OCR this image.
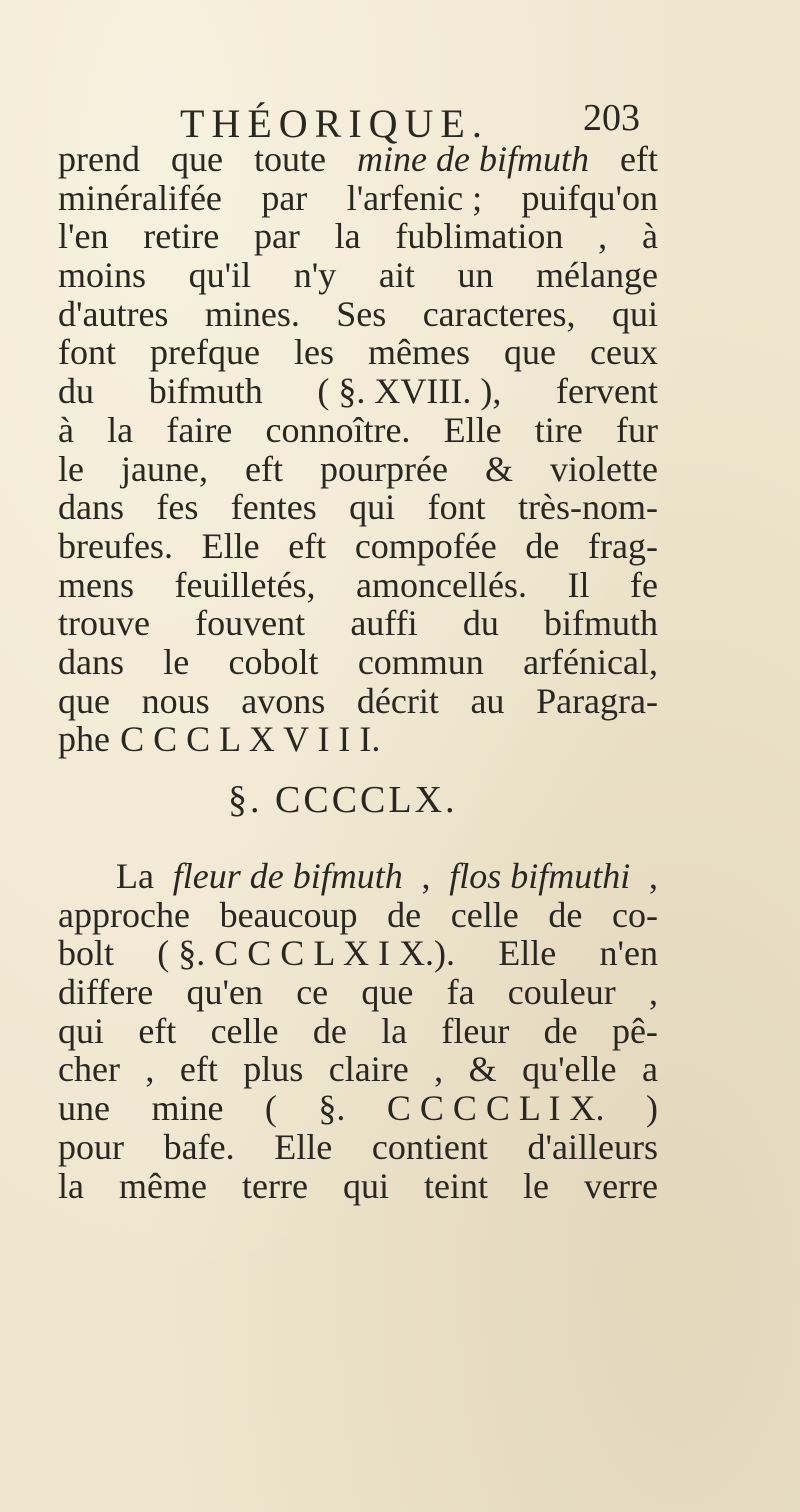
THÉORIQUE. 203
prend que toute mine de bifmuth eft
minéralifée par l'arfenic ; puifqu'on
l'en retire par la fublimation , à
moins qu'il n'y ait un mélange
d'autres mines. Ses caracteres, qui
font prefque les mêmes que ceux
du bifmuth ( §. XVIII. ), fervent
à la faire connoître. Elle tire fur
le jaune, eft pourprée & violette
dans fes fentes qui font très-nom-
breufes. Elle eft compofée de frag-
mens feuilletés, amoncellés. Il fe
trouve fouvent auffi du bifmuth
dans le cobolt commun arfénical,
que nous avons décrit au Paragra-
phe C C C L X V I I I.
§. CCCCLX.
La fleur de bifmuth , flos bifmuthi ,
approche beaucoup de celle de co-
bolt ( §. C C C L X I X.). Elle n'en
differe qu'en ce que fa couleur ,
qui eft celle de la fleur de pê-
cher , eft plus claire , & qu'elle a
une mine ( §. C C C C L I X. )
pour bafe. Elle contient d'ailleurs
la même terre qui teint le verre
